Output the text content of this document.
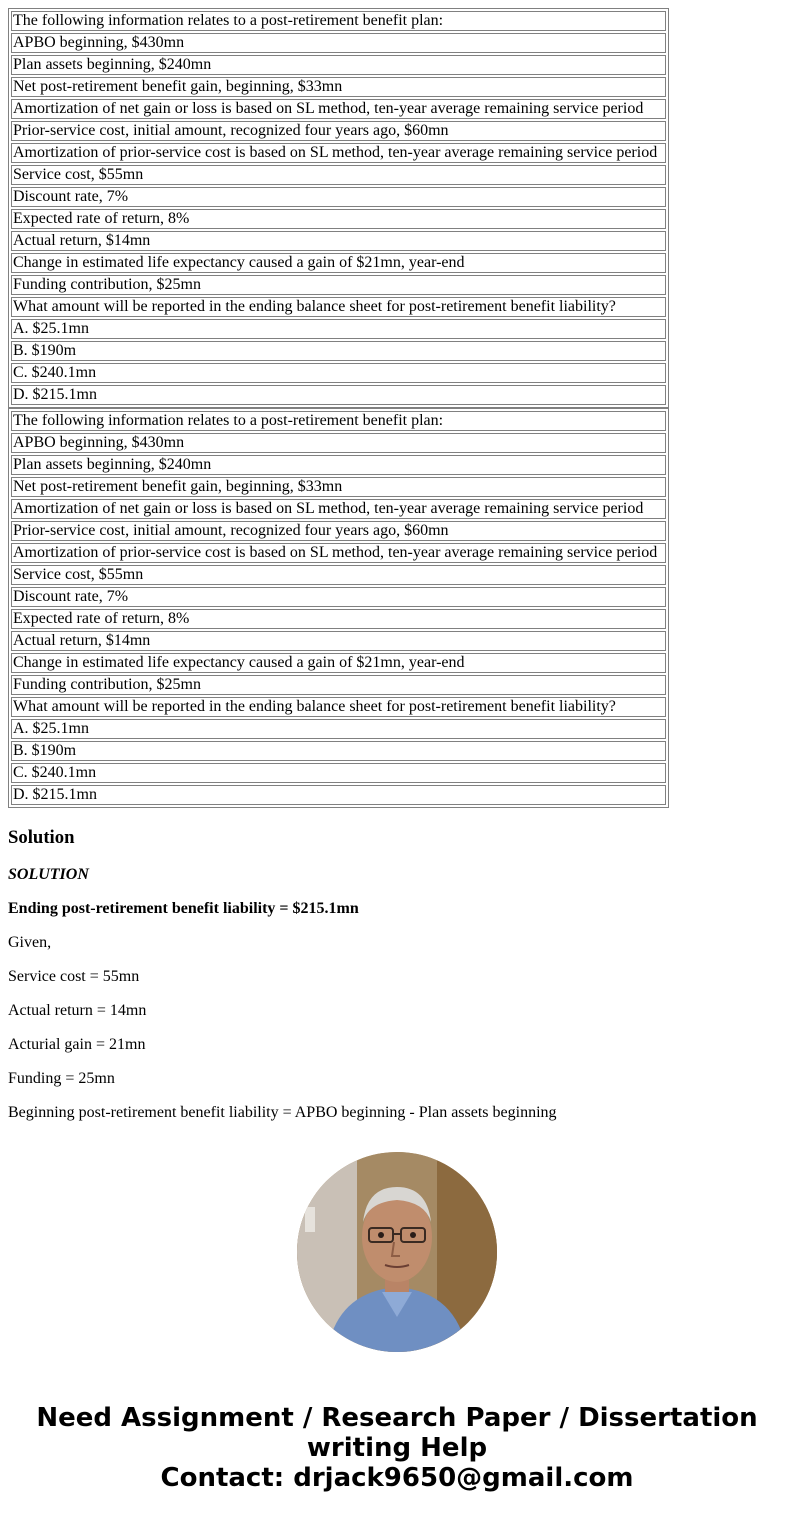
The following information relates to a post-retirement benefit plan:
APBO beginning, $430mn
Plan assets beginning, $240mn
Net post-retirement benefit gain, beginning, $33mn
Amortization of net gain or loss is based on SL method, ten-year average remaining service period
Prior-service cost, initial amount, recognized four years ago, $60mn
Amortization of prior-service cost is based on SL method, ten-year average remaining service period
Service cost, $55mn
Discount rate, 7%
Expected rate of return, 8%
Actual return, $14mn
Change in estimated life expectancy caused a gain of $21mn, year-end
Funding contribution, $25mn
What amount will be reported in the ending balance sheet for post-retirement benefit liability?
A. $25.1mn
B. $190m
C. $240.1mn
D. $215.1mn
The following information relates to a post-retirement benefit plan:
APBO beginning, $430mn
Plan assets beginning, $240mn
Net post-retirement benefit gain, beginning, $33mn
Amortization of net gain or loss is based on SL method, ten-year average remaining service period
Prior-service cost, initial amount, recognized four years ago, $60mn
Amortization of prior-service cost is based on SL method, ten-year average remaining service period
Service cost, $55mn
Discount rate, 7%
Expected rate of return, 8%
Actual return, $14mn
Change in estimated life expectancy caused a gain of $21mn, year-end
Funding contribution, $25mn
What amount will be reported in the ending balance sheet for post-retirement benefit liability?
A. $25.1mn
B. $190m
C. $240.1mn
D. $215.1mn
Solution

SOLUTION

Ending post-retirement benefit liability = $215.1mn

Given,

Service cost = 55mn

Actual return = 14mn

Acturial gain = 21mn

Funding = 25mn

Beginning post-retirement benefit liability = APBO beginning - Plan assets beginning

Need Assignment / Research Paper / Dissertation
writing Help
Contact: drjack9650@gmail.com
